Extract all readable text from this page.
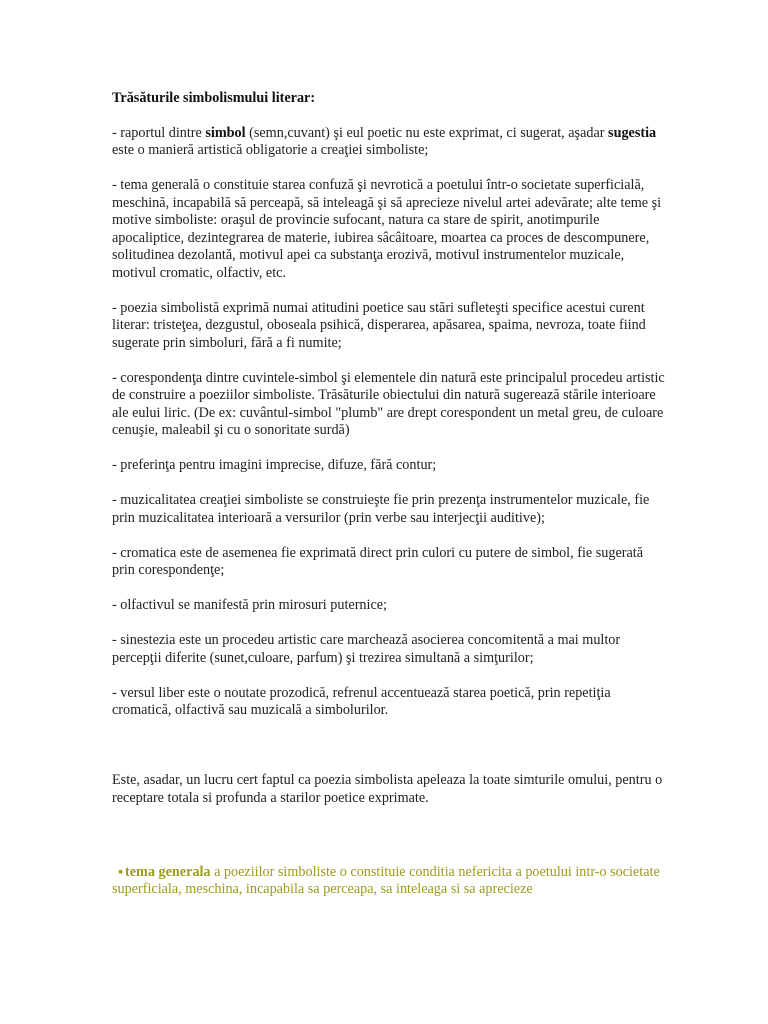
Trăsăturile simbolismului literar:

- raportul dintre simbol (semn,cuvant) şi eul poetic nu este exprimat, ci sugerat, aşadar sugestia este o manieră artistică obligatorie a creaţiei simboliste;

- tema generală o constituie starea confuză şi nevrotică a poetului într-o societate superficială, meschină, incapabilă să perceapă, să inteleagă şi să aprecieze nivelul artei adevărate; alte teme şi motive simboliste: oraşul de provincie sufocant, natura ca stare de spirit, anotimpurile apocaliptice, dezintegrarea de materie, iubirea sâcâitoare, moartea ca proces de descompunere, solitudinea dezolantă, motivul apei ca substanţa erozivă, motivul instrumentelor muzicale, motivul cromatic, olfactiv, etc.

- poezia simbolistă exprimă numai atitudini poetice sau stări sufleteşti specifice acestui curent literar: tristeţea, dezgustul, oboseala psihică, disperarea, apăsarea, spaima, nevroza, toate fiind sugerate prin simboluri, fără a fi numite;

- corespondenţa dintre cuvintele-simbol şi elementele din natură este principalul procedeu artistic de construire a poeziilor simboliste. Trăsăturile obiectului din natură sugerează stările interioare ale eului liric. (De ex: cuvântul-simbol "plumb" are drept corespondent un metal greu, de culoare cenuşie, maleabil şi cu o sonoritate surdă)

- preferinţa pentru imagini imprecise, difuze, fără contur;

- muzicalitatea creaţiei simboliste se construieşte fie prin prezenţa instrumentelor muzicale, fie prin muzicalitatea interioară a versurilor (prin verbe sau interjecţii auditive);

- cromatica este de asemenea fie exprimată direct prin culori cu putere de simbol, fie sugerată prin corespondenţe;

- olfactivul se manifestă prin mirosuri puternice;

- sinestezia este un procedeu artistic care marchează asocierea concomitentă a mai multor percepţii diferite (sunet,culoare, parfum) şi trezirea simultană a simţurilor;

- versul liber este o noutate prozodică, refrenul accentuează starea poetică, prin repetiţia cromatică, olfactivă sau muzicală a simbolurilor.

Este, asadar, un lucru cert faptul ca poezia simbolista apeleaza la toate simturile omului, pentru o receptare totala si profunda a starilor poetice exprimate.

▪ tema generala a poeziilor simboliste o constituie conditia nefericita a poetului intr-o societate superficiala, meschina, incapabila sa perceapa, sa inteleaga si sa aprecieze
